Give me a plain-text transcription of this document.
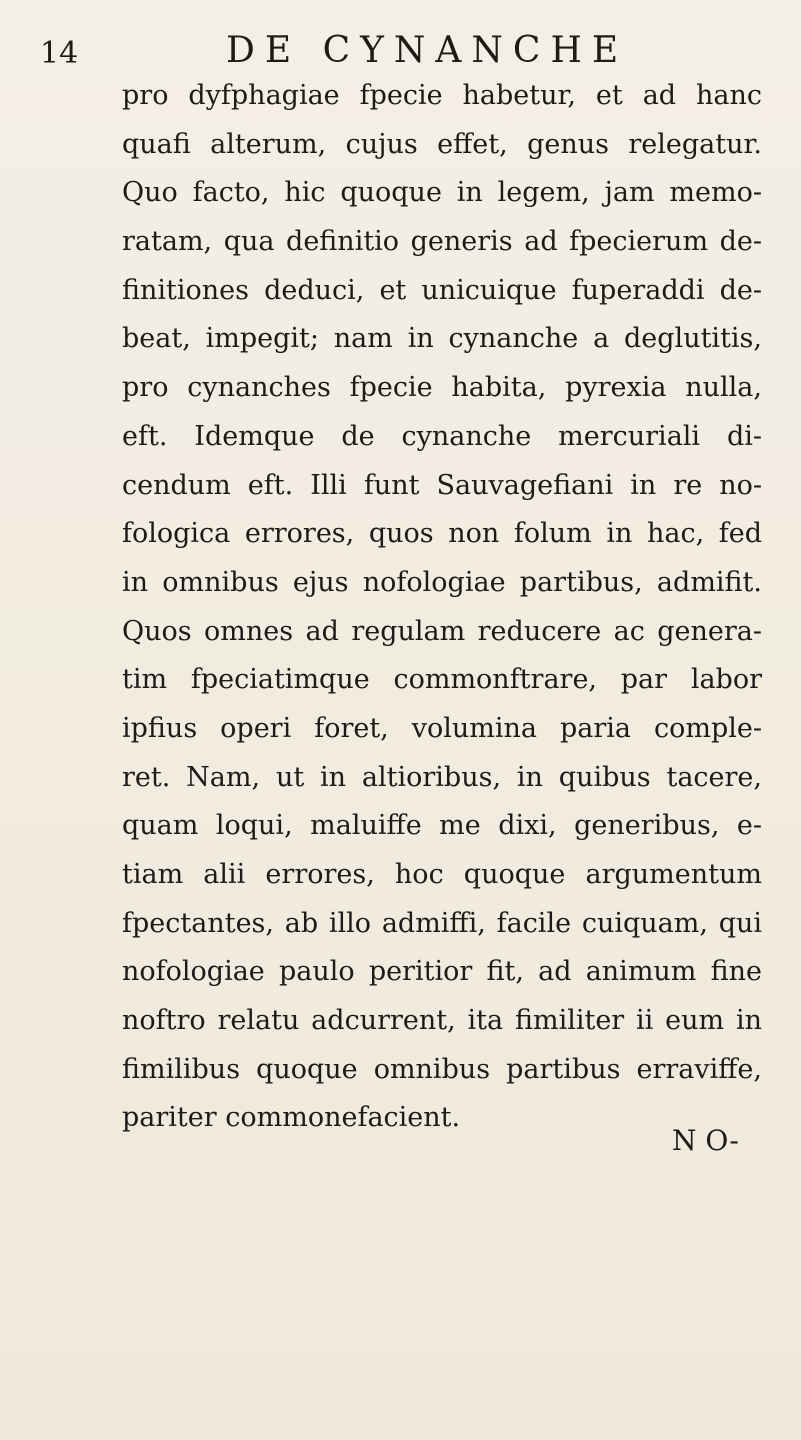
14	DE CYNANCHE
pro dyfphagiae fpecie habetur, et ad hanc
quafi alterum, cujus effet, genus relegatur.
Quo facto, hic quoque in legem, jam memo-
ratam, qua definitio generis ad fpecierum de-
finitiones deduci, et unicuique fuperaddi de-
beat, impegit; nam in cynanche a deglutitis,
pro cynanches fpecie habita, pyrexia nulla,
eft. Idemque de cynanche mercuriali di-
cendum eft. Illi funt Sauvagefiani in re no-
fologica errores, quos non folum in hac, fed
in omnibus ejus nofologiae partibus, admifit.
Quos omnes ad regulam reducere ac genera-
tim fpeciatimque commonftrare, par labor
ipfius operi foret, volumina paria comple-
ret. Nam, ut in altioribus, in quibus tacere,
quam loqui, maluiffe me dixi, generibus, e-
tiam alii errores, hoc quoque argumentum
fpectantes, ab illo admiffi, facile cuiquam, qui
nofologiae paulo peritior fit, ad animum fine
noftro relatu adcurrent, ita fimiliter ii eum in
fimilibus quoque omnibus partibus erraviffe,
pariter commonefacient.
N O-
